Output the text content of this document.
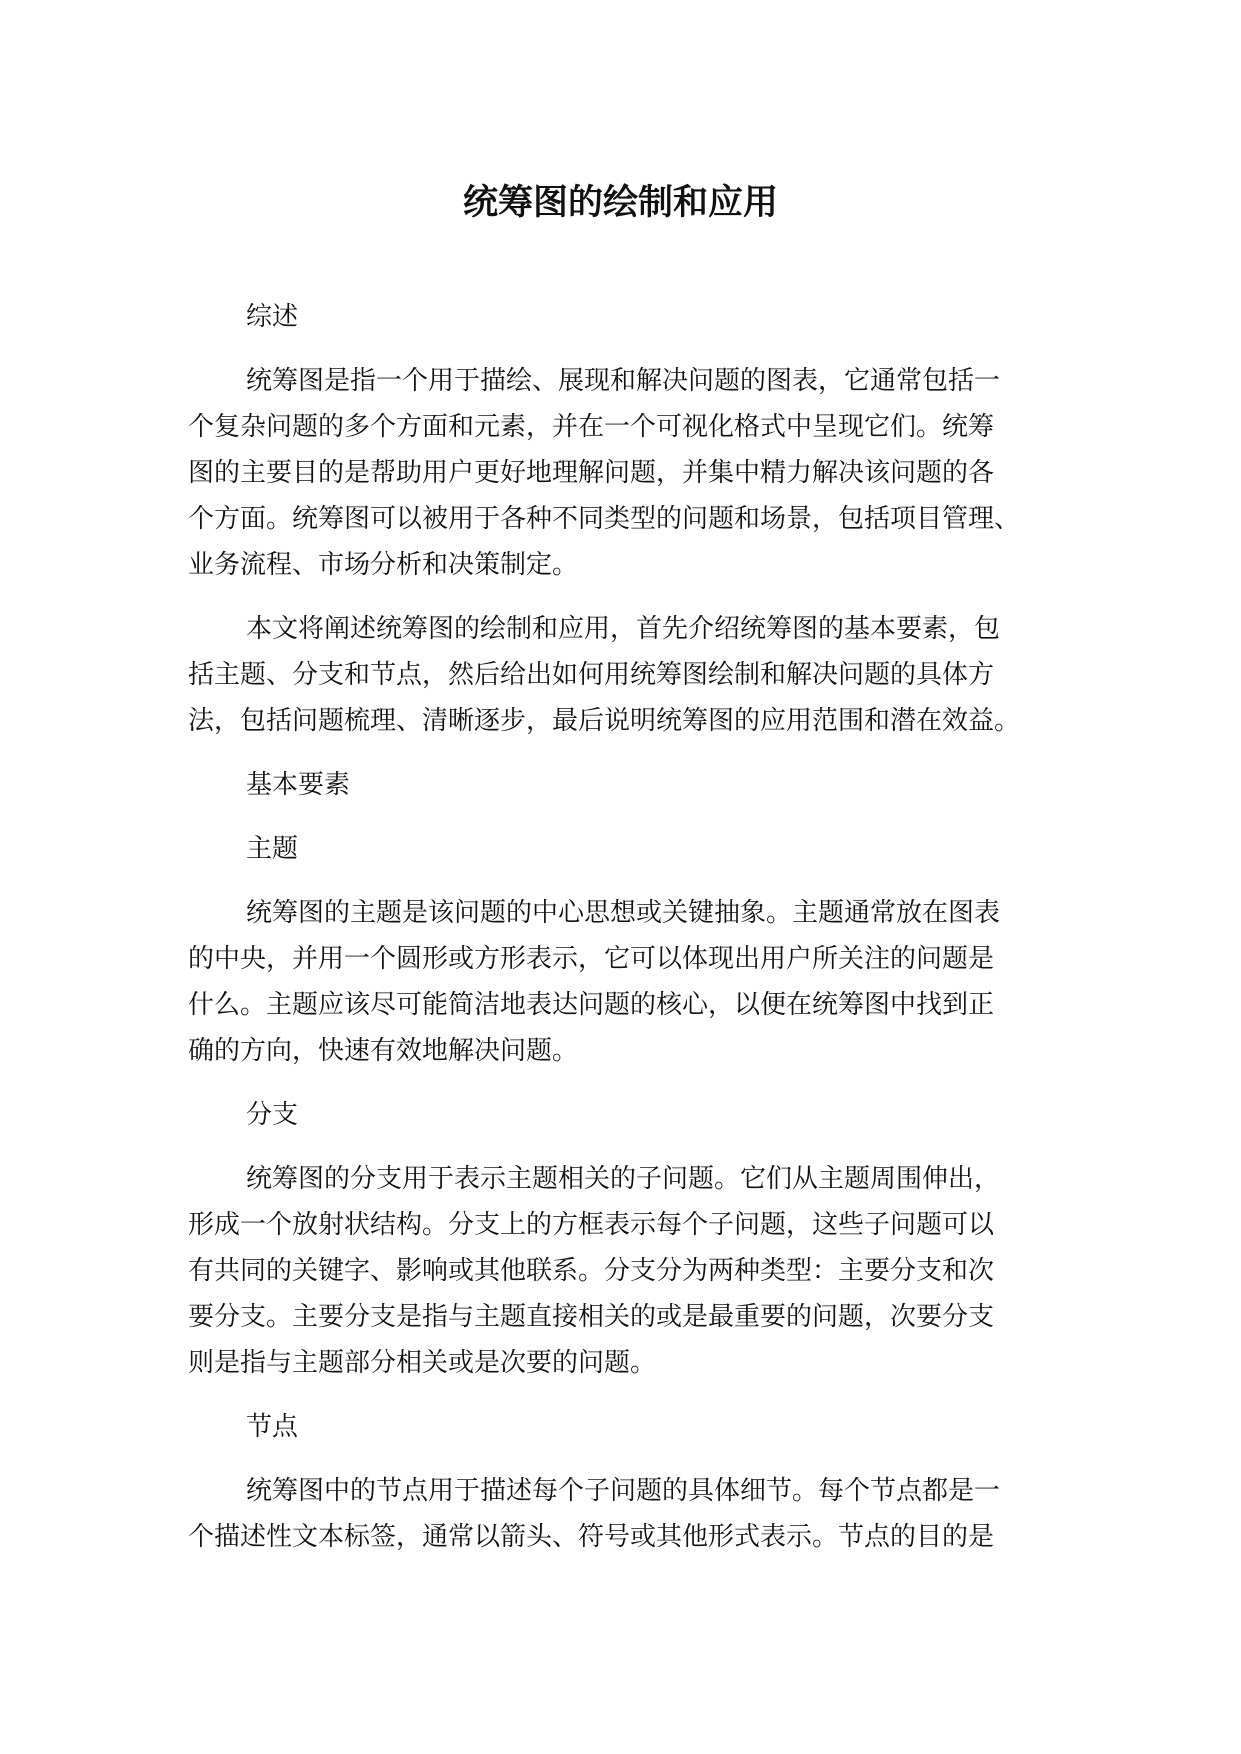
统筹图的绘制和应用
综述

统筹图是指一个用于描绘、展现和解决问题的图表，它通常包括一
个复杂问题的多个方面和元素，并在一个可视化格式中呈现它们。统筹
图的主要目的是帮助用户更好地理解问题，并集中精力解决该问题的各
个方面。统筹图可以被用于各种不同类型的问题和场景，包括项目管理、
业务流程、市场分析和决策制定。

本文将阐述统筹图的绘制和应用，首先介绍统筹图的基本要素，包
括主题、分支和节点，然后给出如何用统筹图绘制和解决问题的具体方
法，包括问题梳理、清晰逐步，最后说明统筹图的应用范围和潜在效益。

基本要素
主题

统筹图的主题是该问题的中心思想或关键抽象。主题通常放在图表
的中央，并用一个圆形或方形表示，它可以体现出用户所关注的问题是
什么。主题应该尽可能简洁地表达问题的核心，以便在统筹图中找到正
确的方向，快速有效地解决问题。

分支

统筹图的分支用于表示主题相关的子问题。它们从主题周围伸出，
形成一个放射状结构。分支上的方框表示每个子问题，这些子问题可以
有共同的关键字、影响或其他联系。分支分为两种类型：主要分支和次
要分支。主要分支是指与主题直接相关的或是最重要的问题，次要分支
则是指与主题部分相关或是次要的问题。

节点

统筹图中的节点用于描述每个子问题的具体细节。每个节点都是一
个描述性文本标签，通常以箭头、符号或其他形式表示。节点的目的是
